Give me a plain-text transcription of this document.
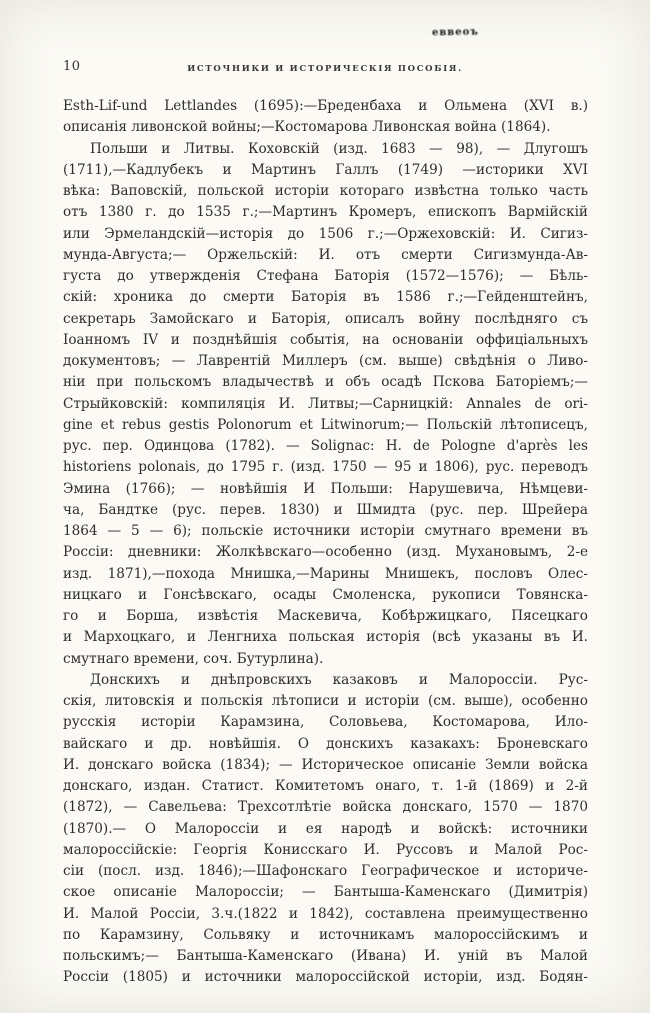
10	ИСТОЧНИКИ И ИСТОРИЧЕСКІЯ ПОСОБІЯ.
еввеоъ
Esth-Lif-und Lettlandes (1695):—Бреденбаха и Ольмена (XVI в.)
описанія ливонской войны;—Костомарова Ливонская война (1864).
Польши и Литвы. Коховскій (изд. 1683 — 98), — Длугошъ
(1711),—Кадлубекъ и Мартинъ Галлъ (1749) —историки XVI
вѣка: Ваповскій, польской исторіи котораго извѣстна только часть
отъ 1380 г. до 1535 г.;—Мартинъ Кромеръ, епископъ Вармійскій
или Эрмеландскій—исторія до 1506 г.;—Оржеховскій: И. Сигиз-
мунда-Августа;— Оржельскій: И. отъ смерти Сигизмунда-Ав-
густа до утвержденія Стефана Баторія (1572—1576); — Бѣль-
скій: хроника до смерти Баторія въ 1586 г.;—Гейденштейнъ,
секретарь Замойскаго и Баторія, описалъ войну послѣдняго съ
Іоанномъ IV и позднѣйшія событія, на основаніи оффиціальныхъ
документовъ; — Лаврентій Миллеръ (см. выше) свѣдѣнія о Ливо-
ніи при польскомъ владычествѣ и объ осадѣ Пскова Баторіемъ;—
Стрыйковскій: компиляція И. Литвы;—Сарницкій: Annales de ori-
gine et rebus gestis Polonorum et Litwinorum;— Польскій лѣтописецъ,
рус. пер. Одинцова (1782). — Solignac: H. de Pologne d'après les
historiens polonais, до 1795 г. (изд. 1750 — 95 и 1806), рус. переводъ
Эмина (1766); — новѣйшія И Польши: Нарушевича, Нѣмцеви-
ча, Бандтке (рус. перев. 1830) и Шмидта (рус. пер. Шрейера
1864 — 5 — 6); польскіе источники исторіи смутнаго времени въ
Россіи: дневники: Жолкѣвскаго—особенно (изд. Мухановымъ, 2-е
изд. 1871),—похода Мнишка,—Марины Мнишекъ, пословъ Олес-
ницкаго и Гонсѣвскаго, осады Смоленска, рукописи Товянска-
го и Борша, извѣстія Маскевича, Кобѣржицкаго, Пясецкаго
и Мархоцкаго, и Ленгниха польская исторія (всѣ указаны въ И.
смутнаго времени, соч. Бутурлина).
Донскихъ и днѣпровскихъ казаковъ и Малороссіи. Рус-
скія, литовскія и польскія лѣтописи и исторіи (см. выше), особенно
русскія исторіи Карамзина, Соловьева, Костомарова, Ило-
вайскаго и др. новѣйшія. О донскихъ казакахъ: Броневскаго
И. донскаго войска (1834); — Историческое описаніе Земли войска
донскаго, издан. Статист. Комитетомъ онаго, т. 1-й (1869) и 2-й
(1872), — Савельева: Трехсотлѣтіе войска донскаго, 1570 — 1870
(1870).— О Малороссіи и ея народѣ и войскѣ: источники
малороссійскіе: Георгія Конисскаго И. Руссовъ и Малой Рос-
сіи (посл. изд. 1846);—Шафонскаго Географическое и историче-
ское описаніе Малороссіи; — Бантыша-Каменскаго (Димитрія)
И. Малой Россіи, 3.ч.(1822 и 1842), составлена преимущественно
по Карамзину, Сольвяку и источникамъ малороссійскимъ и
польскимъ;— Бантыша-Каменскаго (Ивана) И. уній въ Малой
Россіи (1805) и источники малороссійской исторіи, изд. Бодян-
